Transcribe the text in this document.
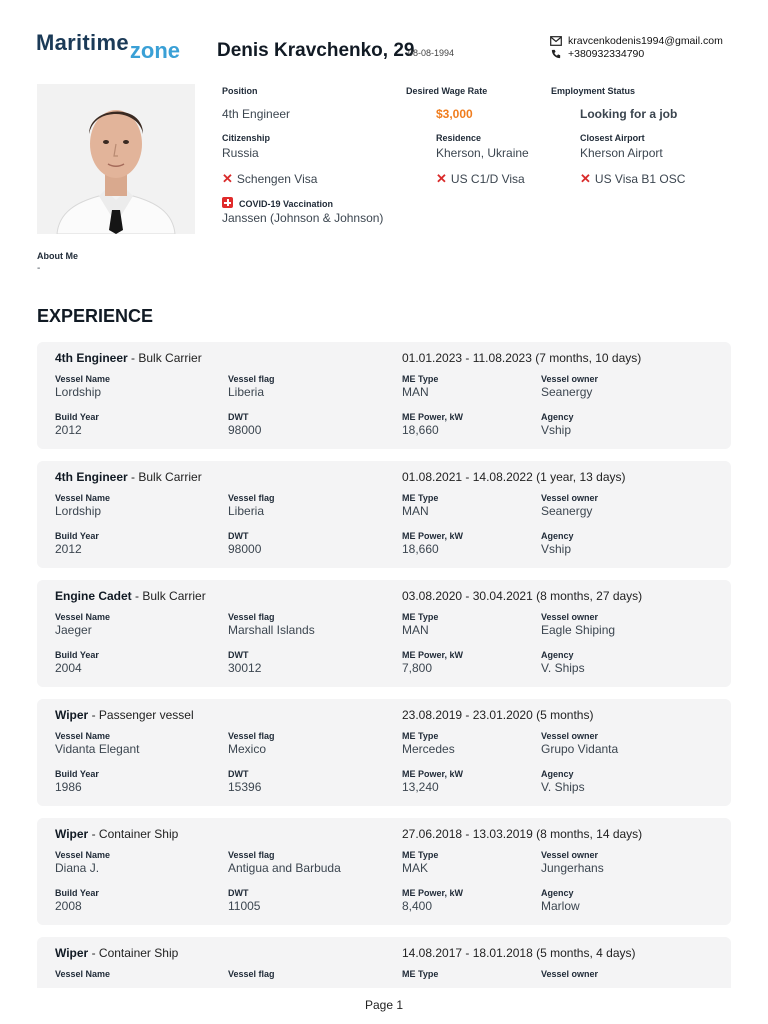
Maritimezone Denis Kravchenko, 29
08-08-1994
kravcenkodenis1994@gmail.com
+380932334790
Position
4th Engineer
Desired Wage Rate
$3,000
Employment Status
Looking for a job
Citizenship
Russia
Residence
Kherson, Ukraine
Closest Airport
Kherson Airport
✕ Schengen Visa	✕ US C1/D Visa	✕ US Visa B1 OSC
COVID-19 Vaccination
Janssen (Johnson & Johnson)
About Me
-
EXPERIENCE
4th Engineer - Bulk Carrier	01.01.2023 - 11.08.2023 (7 months, 10 days)
Vessel Name
Lordship
Vessel flag
Liberia
ME Type
MAN
Vessel owner
Seanergy
Build Year
2012
DWT
98000
ME Power, kW
18,660
Agency
Vship
4th Engineer - Bulk Carrier	01.08.2021 - 14.08.2022 (1 year, 13 days)
Vessel Name
Lordship
Vessel flag
Liberia
ME Type
MAN
Vessel owner
Seanergy
Build Year
2012
DWT
98000
ME Power, kW
18,660
Agency
Vship
Engine Cadet - Bulk Carrier	03.08.2020 - 30.04.2021 (8 months, 27 days)
Vessel Name
Jaeger
Vessel flag
Marshall Islands
ME Type
MAN
Vessel owner
Eagle Shiping
Build Year
2004
DWT
30012
ME Power, kW
7,800
Agency
V. Ships
Wiper - Passenger vessel	23.08.2019 - 23.01.2020 (5 months)
Vessel Name
Vidanta Elegant
Vessel flag
Mexico
ME Type
Mercedes
Vessel owner
Grupo Vidanta
Build Year
1986
DWT
15396
ME Power, kW
13,240
Agency
V. Ships
Wiper - Container Ship	27.06.2018 - 13.03.2019 (8 months, 14 days)
Vessel Name
Diana J.
Vessel flag
Antigua and Barbuda
ME Type
MAK
Vessel owner
Jungerhans
Build Year
2008
DWT
11005
ME Power, kW
8,400
Agency
Marlow
Wiper - Container Ship	14.08.2017 - 18.01.2018 (5 months, 4 days)
Vessel Name	Vessel flag	ME Type	Vessel owner
Page 1
